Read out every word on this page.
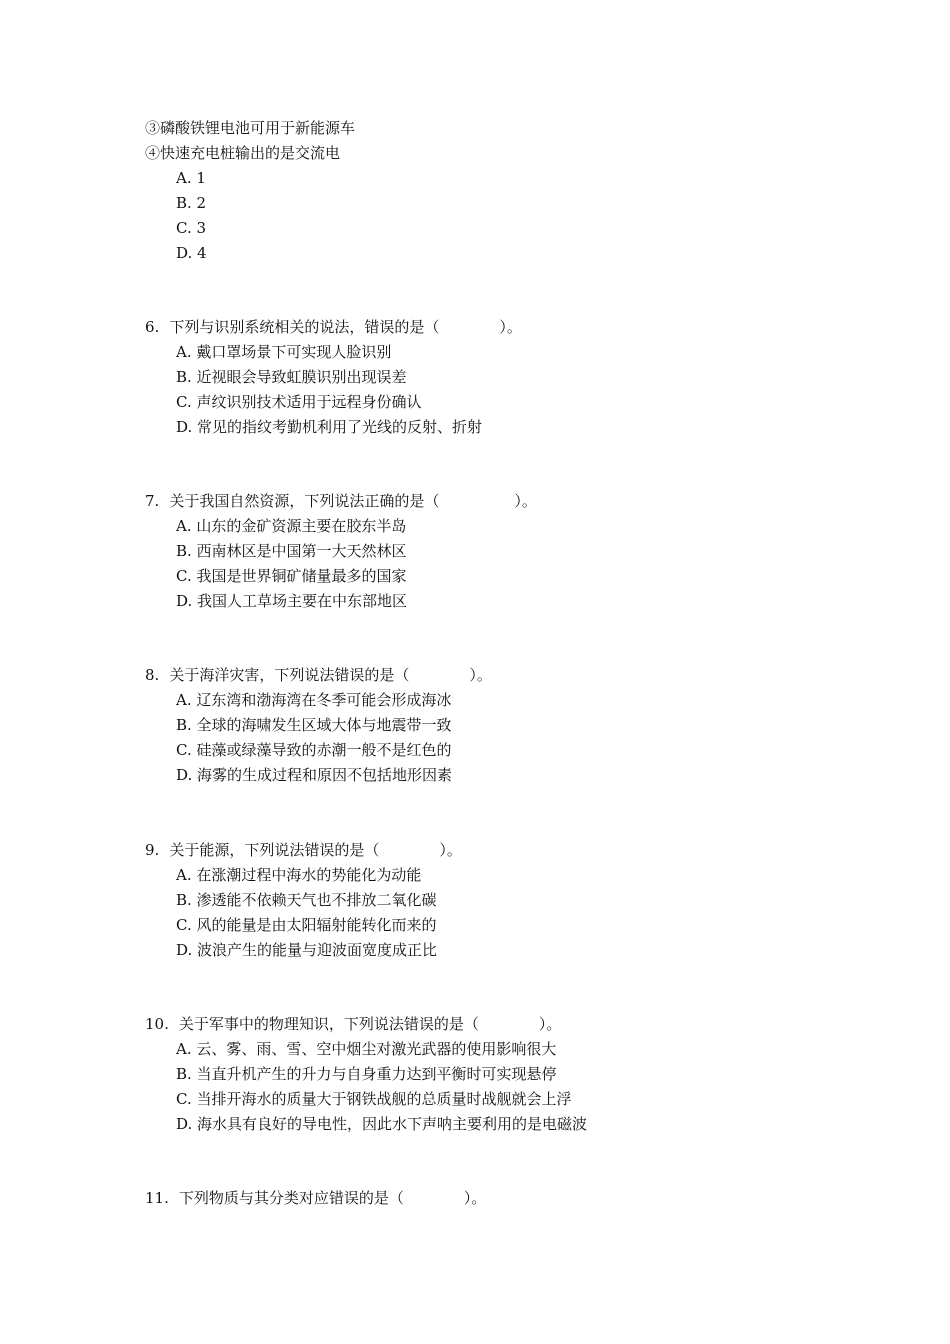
③磷酸铁锂电池可用于新能源车
④快速充电桩输出的是交流电
A. 1
B. 2
C. 3
D. 4
6. 下列与识别系统相关的说法，错误的是（　　　　）。
A. 戴口罩场景下可实现人脸识别
B. 近视眼会导致虹膜识别出现误差
C. 声纹识别技术适用于远程身份确认
D. 常见的指纹考勤机利用了光线的反射、折射
7. 关于我国自然资源，下列说法正确的是（　　　　　）。
A. 山东的金矿资源主要在胶东半岛
B. 西南林区是中国第一大天然林区
C. 我国是世界铜矿储量最多的国家
D. 我国人工草场主要在中东部地区
8. 关于海洋灾害，下列说法错误的是（　　　　）。
A. 辽东湾和渤海湾在冬季可能会形成海冰
B. 全球的海啸发生区域大体与地震带一致
C. 硅藻或绿藻导致的赤潮一般不是红色的
D. 海雾的生成过程和原因不包括地形因素
9. 关于能源，下列说法错误的是（　　　　）。
A. 在涨潮过程中海水的势能化为动能
B. 渗透能不依赖天气也不排放二氧化碳
C. 风的能量是由太阳辐射能转化而来的
D. 波浪产生的能量与迎波面宽度成正比
10. 关于军事中的物理知识，下列说法错误的是（　　　　）。
A. 云、雾、雨、雪、空中烟尘对激光武器的使用影响很大
B. 当直升机产生的升力与自身重力达到平衡时可实现悬停
C. 当排开海水的质量大于钢铁战舰的总质量时战舰就会上浮
D. 海水具有良好的导电性，因此水下声呐主要利用的是电磁波
11. 下列物质与其分类对应错误的是（　　　　）。
